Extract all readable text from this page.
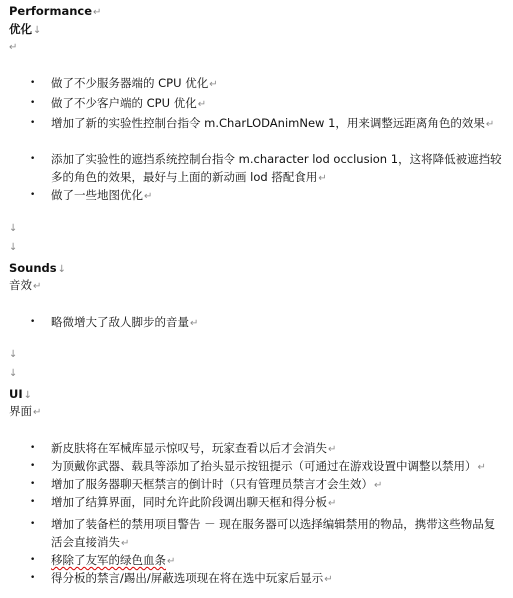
Performance↵
优化↓
↵
• 做了不少服务器端的 CPU 优化↵
• 做了不少客户端的 CPU 优化↵
• 增加了新的实验性控制台指令 m.CharLODAnimNew 1，用来调整远距离角色的效果↵
• 添加了实验性的遮挡系统控制台指令 m.character lod occlusion 1，这将降低被遮挡较多的角色的效果，最好与上面的新动画 lod 搭配食用↵
• 做了一些地图优化↵
↓
↓
Sounds↓
音效↵
• 略微增大了敌人脚步的音量↵
↓
↓
UI↓
界面↵
• 新皮肤将在军械库显示惊叹号，玩家查看以后才会消失↵
• 为顶戴你武器、载具等添加了抬头显示按钮提示（可通过在游戏设置中调整以禁用）↵
• 增加了服务器聊天框禁言的倒计时（只有管理员禁言才会生效）↵
• 增加了结算界面，同时允许此阶段调出聊天框和得分板↵
• 增加了装备栏的禁用项目警告 － 现在服务器可以选择编辑禁用的物品，携带这些物品复活会直接消失↵
• 移除了友军的绿色血条↵
• 得分板的禁言/踢出/屏蔽选项现在将在选中玩家后显示↵
